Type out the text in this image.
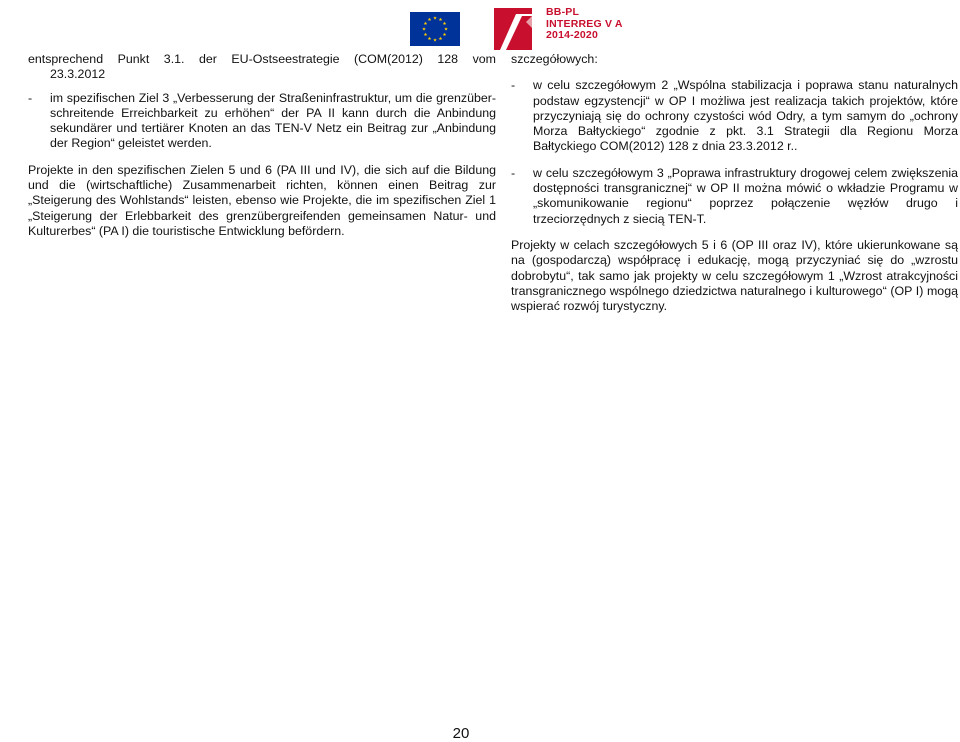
BB-PL
INTERREG V A
2014-2020

entsprechend Punkt 3.1. der EU-Ostseestrategie (COM(2012) 128 vom

23.3.2012

- im spezifischen Ziel 3 „Verbesserung der Straßeninfrastruktur, um die grenzüber-schreitende Erreichbarkeit zu erhöhen“ der PA II kann durch die Anbindung sekundärer und tertiärer Knoten an das TEN-V Netz ein Beitrag zur „Anbindung der Region“ geleistet werden.

Projekte in den spezifischen Zielen 5 und 6 (PA III und IV), die sich auf die Bildung und die (wirtschaftliche) Zusammenarbeit richten, können einen Beitrag zur „Steigerung des Wohlstands“ leisten, ebenso wie Projekte, die im spezifischen Ziel 1 „Steigerung der Erlebbarkeit des grenzübergreifenden gemeinsamen Natur- und Kulturerbes“ (PA I) die touristische Entwicklung befördern.

szczegółowych:

- w celu szczegółowym 2 „Wspólna stabilizacja i poprawa stanu naturalnych podstaw egzystencji“ w OP I możliwa jest realizacja takich projektów, które przyczyniają się do ochrony czystości wód Odry, a tym samym do „ochrony Morza Bałtyckiego“ zgodnie z pkt. 3.1 Strategii dla Regionu Morza Bałtyckiego COM(2012) 128 z dnia 23.3.2012 r..
- w celu szczegółowym 3 „Poprawa infrastruktury drogowej celem zwiększenia dostępności transgranicznej“ w OP II można mówić o wkładzie Programu w „skomunikowanie regionu“ poprzez połączenie węzłów drugo i trzeciorzędnych z siecią TEN-T.

Projekty w celach szczegółowych 5 i 6 (OP III oraz IV), które ukierunkowane są na (gospodarczą) współpracę i edukację, mogą przyczyniać się do „wzrostu dobrobytu“, tak samo jak projekty w celu szczegółowym 1 „Wzrost atrakcyjności transgranicznego wspólnego dziedzictwa naturalnego i kulturowego“ (OP I) mogą wspierać rozwój turystyczny.

20
